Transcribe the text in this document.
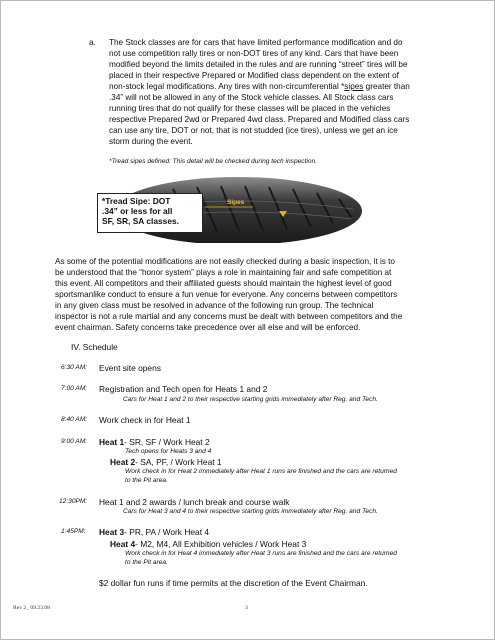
a. The Stock classes are for cars that have limited performance modification and do

not use competition rally tires or non-DOT tires of any kind. Cars that have been

modified beyond the limits detailed in the rules and are running “street” tires will be

placed in their respective Prepared or Modified class dependent on the extent of

non-stock legal modifications. Any tires with non-circumferential *sipes greater than

.34” will not be allowed in any of the Stock vehicle classes. All Stock class cars

running tires that do not qualify for these classes will be placed in the vehicles

respective Prepared 2wd or Prepared 4wd class. Prepared and Modified class cars

can use any tire, DOT or not, that is not studded (ice tires), unless we get an ice

storm during the event.

*Tread sipes defined: This detail will be checked during tech inspection.

Sipes
*Tread Sipe: DOT
.34” or less for all
SF, SR, SA classes.

As some of the potential modifications are not easily checked during a basic inspection, it is to

be understood that the “honor system” plays a role in maintaining fair and safe competition at

this event. All competitors and their affiliated guests should maintain the highest level of good

sportsmanlike conduct to ensure a fun venue for everyone. Any concerns between competitors

in any given class must be resolved in advance of the following run group. The technical

inspector is not a rule martial and any concerns must be dealt with between competitors and the

event chairman. Safety concerns take precedence over all else and will be enforced.

IV. Schedule

6:30 AM: Event site opens
7:00 AM: Registration and Tech open for Heats 1 and 2
Cars for Heat 1 and 2 to their respective starting grids immediately after Reg. and Tech.
8:40 AM: Work check in for Heat 1
9:00 AM: Heat 1- SR, SF / Work Heat 2
Tech opens for Heats 3 and 4
Heat 2- SA, PF, / Work Heat 1
Work check in for Heat 2 immediately after Heat 1 runs are finished and the cars are returned
to the Pit area.
12:30PM: Heat 1 and 2 awards / lunch break and course walk
Cars for Heat 3 and 4 to their respective starting grids immediately after Reg. and Tech.
1:45PM: Heat 3- PR, PA / Work Heat 4
Heat 4- M2, M4, All Exhibition vehicles / Work Heat 3
Work check in for Heat 4 immediately after Heat 3 runs are finished and the cars are returned
to the Pit area.
$2 dollar fun runs if time permits at the discretion of the Event Chairman.
Rev 2_ 09.23.08	3
